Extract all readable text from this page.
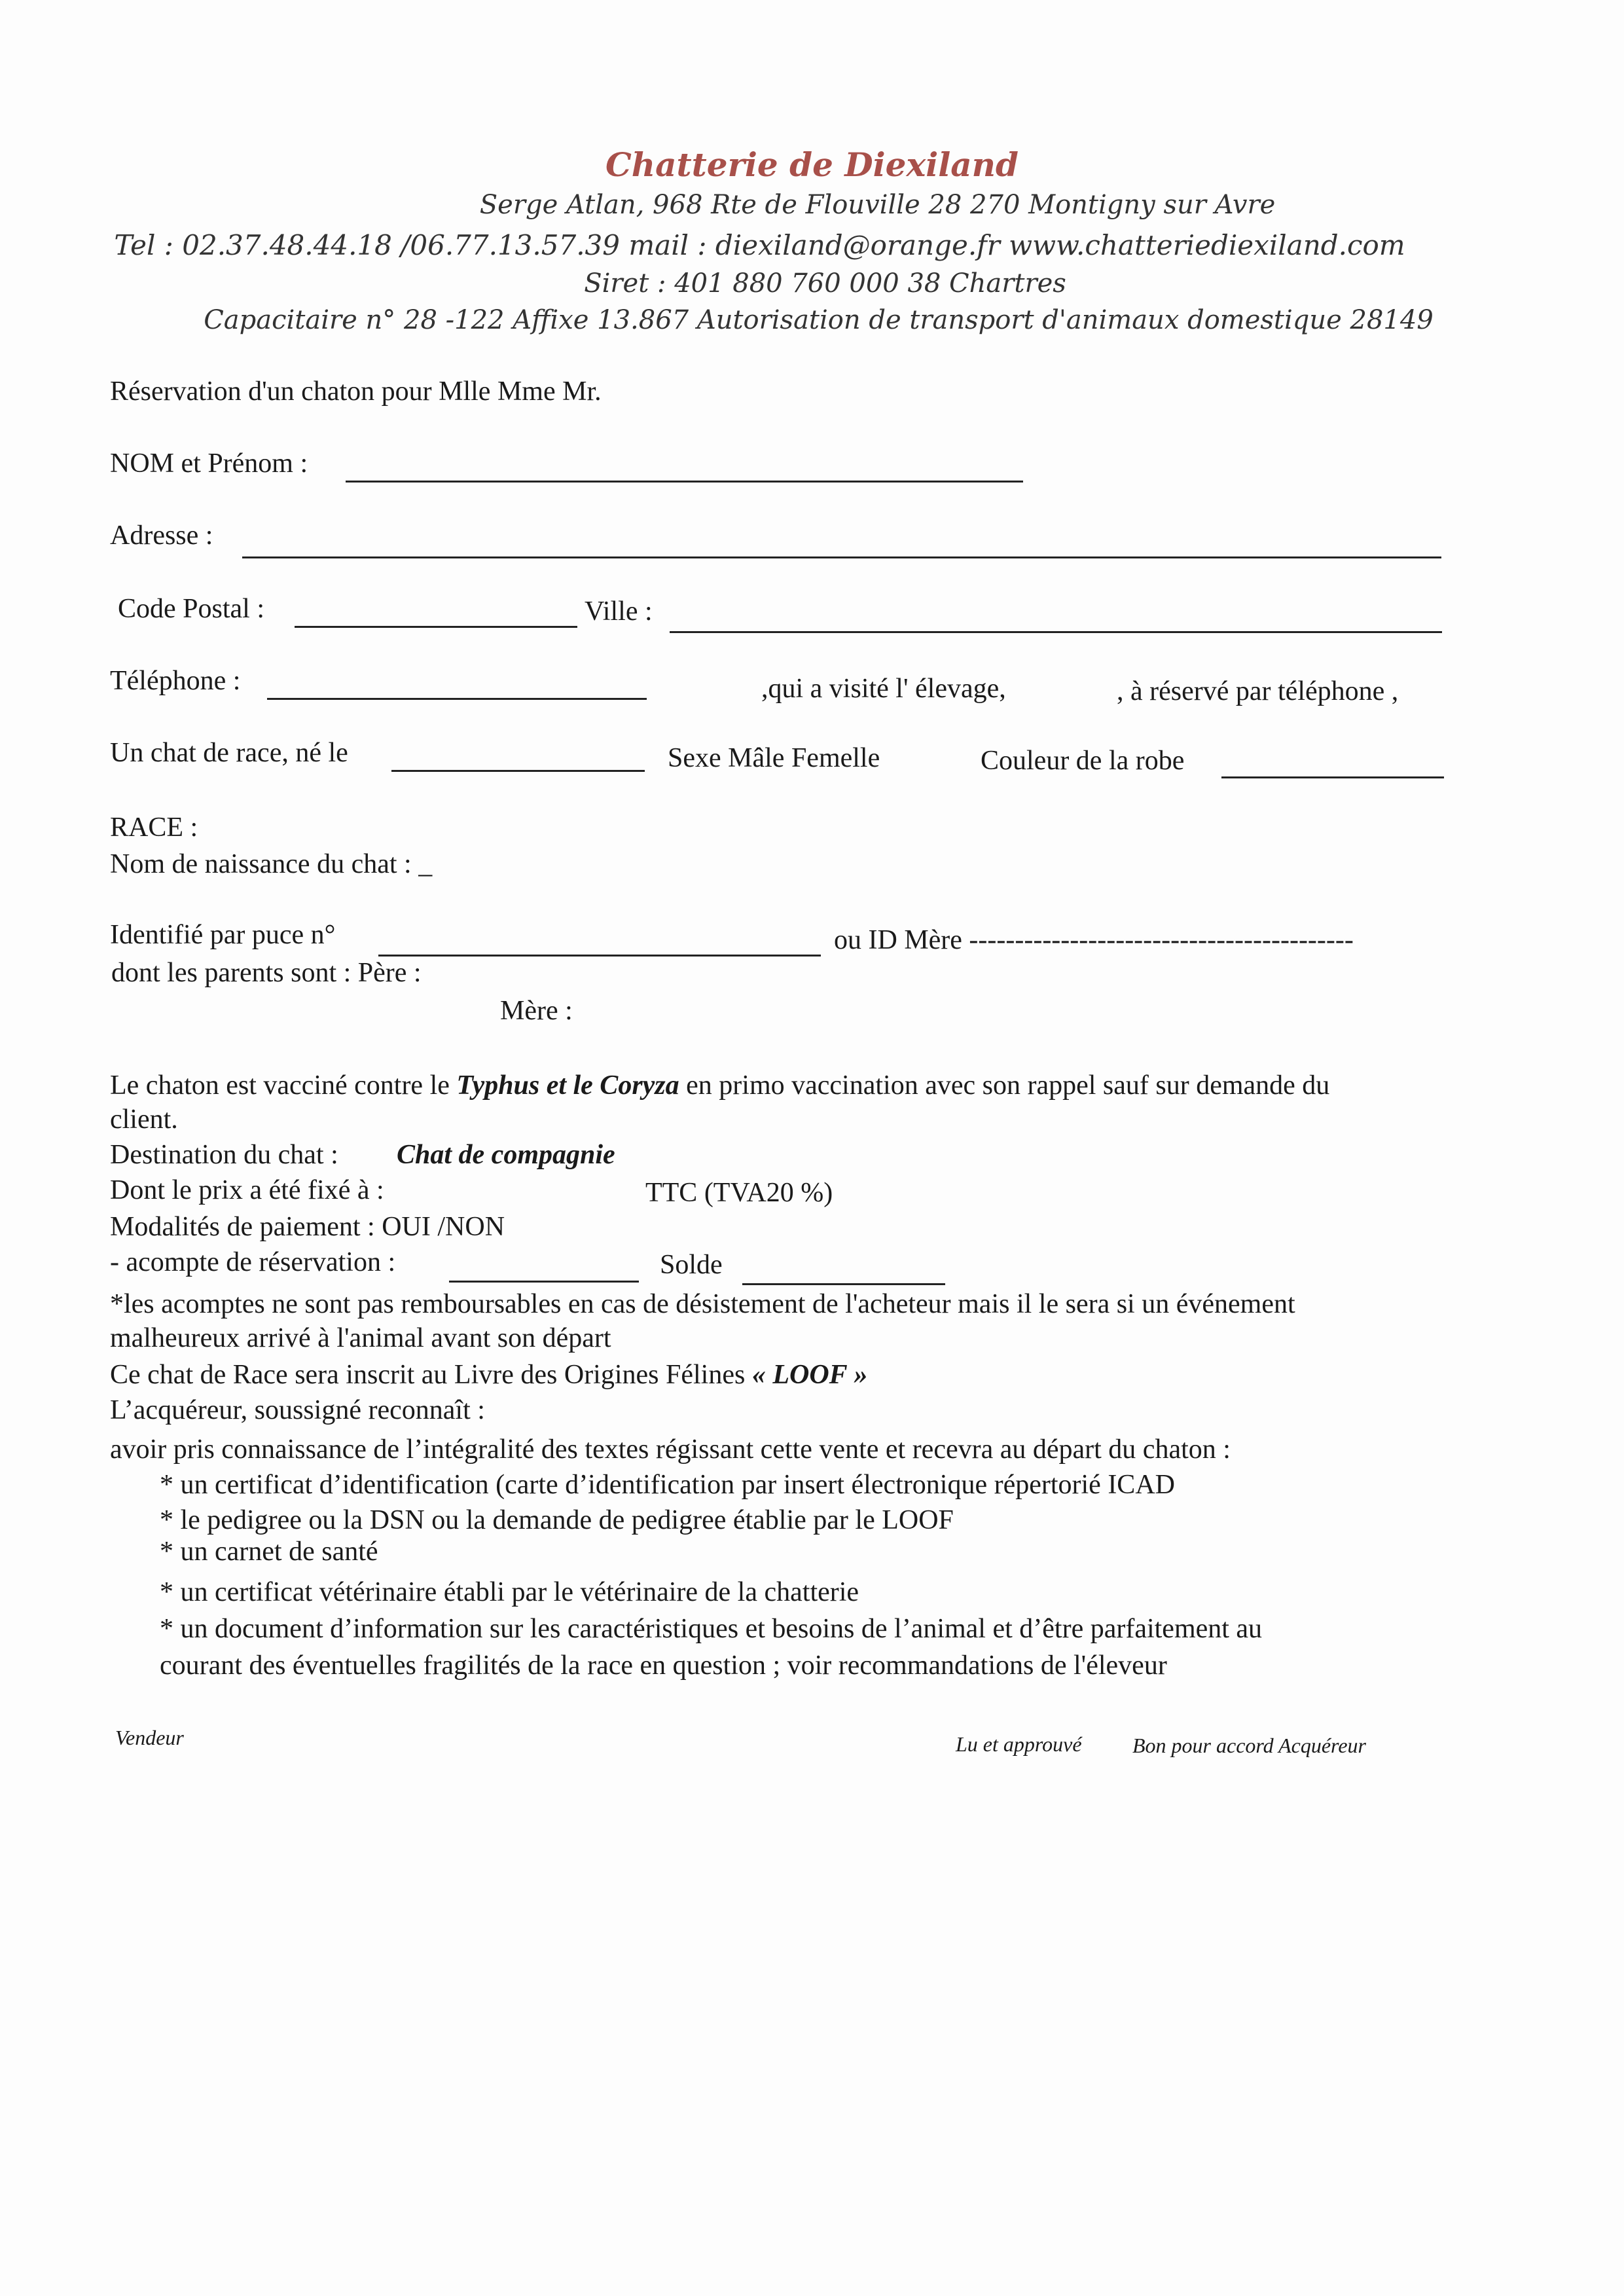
Chatterie de Diexiland
Serge Atlan, 968 Rte de Flouville 28 270 Montigny sur Avre
Tel : 02.37.48.44.18 /06.77.13.57.39 mail : diexiland@orange.fr www.chatteriediexiland.com
Siret : 401 880 760 000 38 Chartres
Capacitaire n° 28 -122 Affixe 13.867 Autorisation de transport d'animaux domestique 28149
Réservation d'un chaton pour Mlle Mme Mr.
NOM et Prénom :
Adresse :
Code Postal :	Ville :
Téléphone :	,qui a visité l' élevage,	, à réservé par téléphone ,
Un chat de race, né le	Sexe Mâle Femelle	Couleur de la robe
RACE :
Nom de naissance du chat : _
Identifié par puce n°	ou ID Mère ------------------------------------------
dont les parents sont : Père :
Mère :
Le chaton est vacciné contre le Typhus et le Coryza en primo vaccination avec son rappel sauf sur demande du
client.
Destination du chat : Chat de compagnie
Dont le prix a été fixé à :	TTC (TVA20 %)
Modalités de paiement : OUI /NON
- acompte de réservation :	Solde
*les acomptes ne sont pas remboursables en cas de désistement de l'acheteur mais il le sera si un événement
malheureux arrivé à l'animal avant son départ
Ce chat de Race sera inscrit au Livre des Origines Félines « LOOF »
L’acquéreur, soussigné reconnaît :
avoir pris connaissance de l’intégralité des textes régissant cette vente et recevra au départ du chaton :
* un certificat d’identification (carte d’identification par insert électronique répertorié ICAD
* le pedigree ou la DSN ou la demande de pedigree établie par le LOOF
* un carnet de santé
* un certificat vétérinaire établi par le vétérinaire de la chatterie
* un document d’information sur les caractéristiques et besoins de l’animal et d’être parfaitement au
courant des éventuelles fragilités de la race en question ; voir recommandations de l'éleveur
Vendeur	Lu et approuvé Bon pour accord Acquéreur
